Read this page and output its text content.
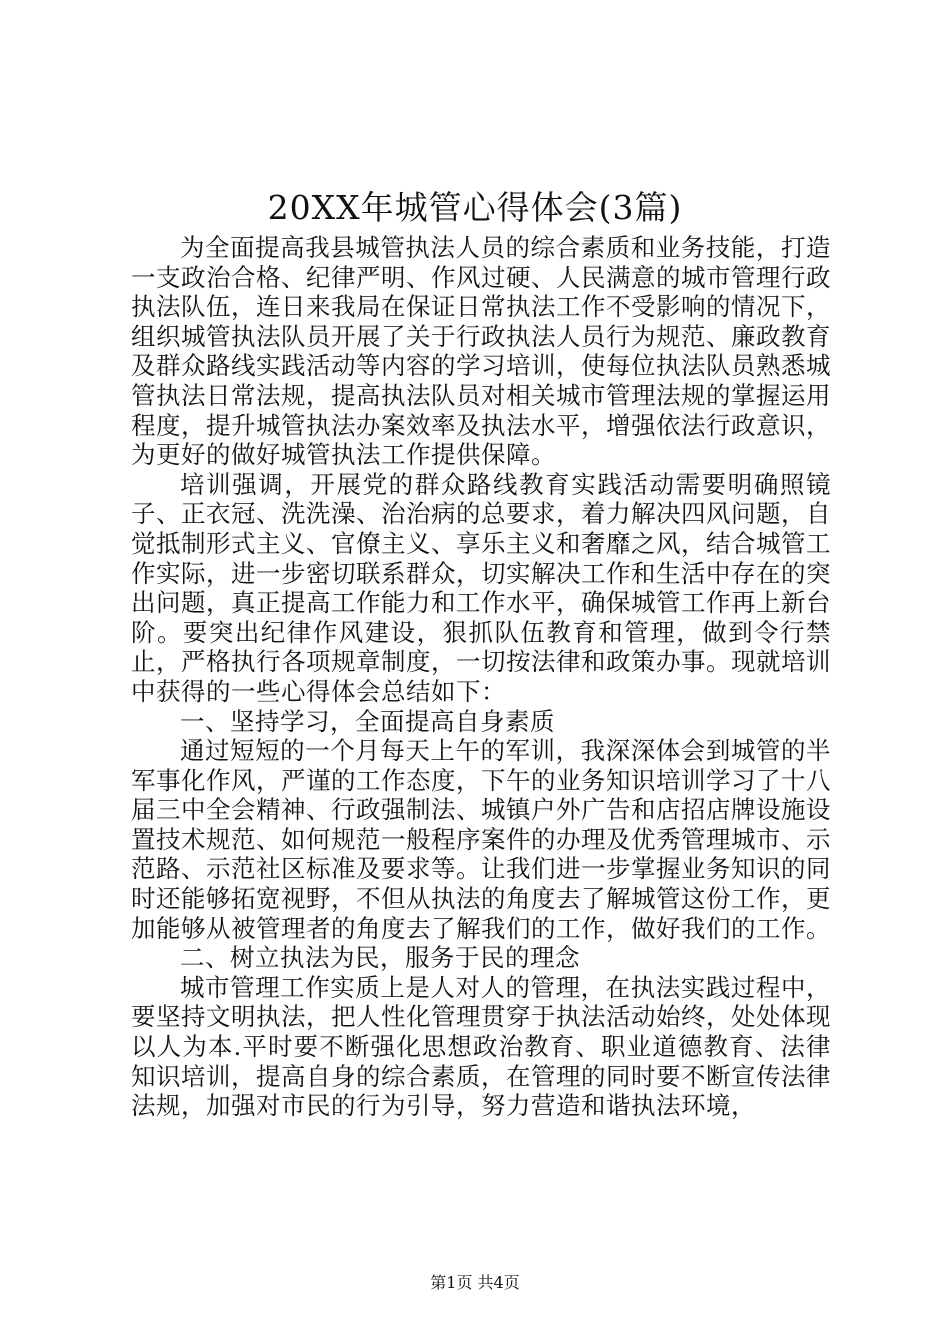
20XX年城管心得体会(3篇)

为全面提高我县城管执法人员的综合素质和业务技能，打造一支政治合格、纪律严明、作风过硬、人民满意的城市管理行政执法队伍，连日来我局在保证日常执法工作不受影响的情况下，组织城管执法队员开展了关于行政执法人员行为规范、廉政教育及群众路线实践活动等内容的学习培训，使每位执法队员熟悉城管执法日常法规，提高执法队员对相关城市管理法规的掌握运用程度，提升城管执法办案效率及执法水平，增强依法行政意识，为更好的做好城管执法工作提供保障。

培训强调，开展党的群众路线教育实践活动需要明确照镜子、正衣冠、洗洗澡、治治病的总要求，着力解决四风问题，自觉抵制形式主义、官僚主义、享乐主义和奢靡之风，结合城管工作实际，进一步密切联系群众，切实解决工作和生活中存在的突出问题，真正提高工作能力和工作水平，确保城管工作再上新台阶。要突出纪律作风建设，狠抓队伍教育和管理，做到令行禁止，严格执行各项规章制度，一切按法律和政策办事。现就培训中获得的一些心得体会总结如下：

一、坚持学习，全面提高自身素质

通过短短的一个月每天上午的军训，我深深体会到城管的半军事化作风，严谨的工作态度，下午的业务知识培训学习了十八届三中全会精神、行政强制法、城镇户外广告和店招店牌设施设置技术规范、如何规范一般程序案件的办理及优秀管理城市、示范路、示范社区标准及要求等。让我们进一步掌握业务知识的同时还能够拓宽视野，不但从执法的角度去了解城管这份工作，更加能够从被管理者的角度去了解我们的工作，做好我们的工作。

二、树立执法为民，服务于民的理念

城市管理工作实质上是人对人的管理，在执法实践过程中，要坚持文明执法，把人性化管理贯穿于执法活动始终，处处体现以人为本.平时要不断强化思想政治教育、职业道德教育、法律知识培训，提高自身的综合素质，在管理的同时要不断宣传法律法规，加强对市民的行为引导，努力营造和谐执法环境，

第1页 共4页
